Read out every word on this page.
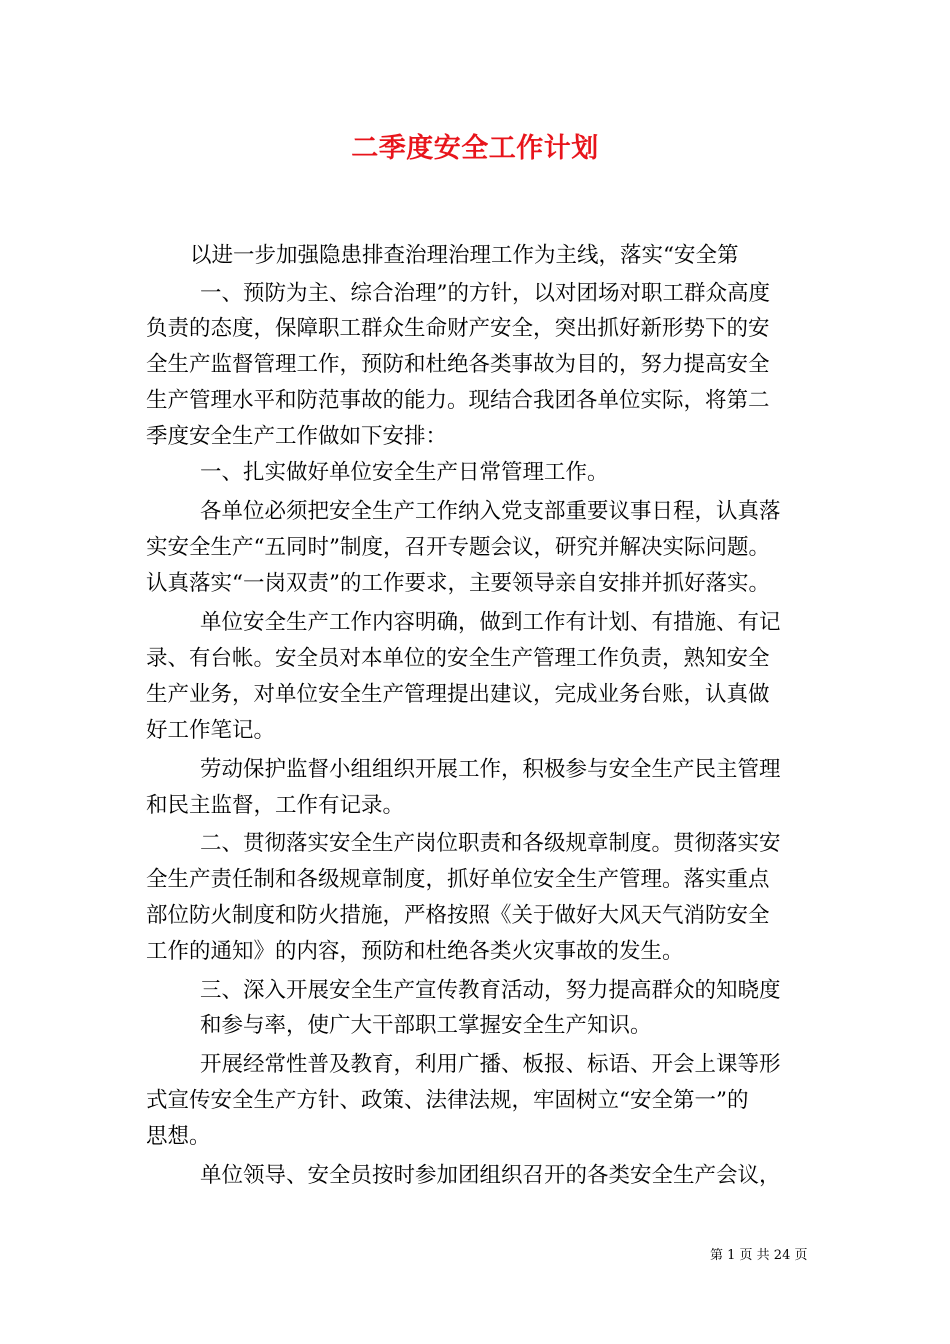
二季度安全工作计划

以进一步加强隐患排查治理治理工作为主线，落实“安全第

一、预防为主、综合治理”的方针，以对团场对职工群众高度

负责的态度，保障职工群众生命财产安全，突出抓好新形势下的安

全生产监督管理工作，预防和杜绝各类事故为目的，努力提高安全

生产管理水平和防范事故的能力。现结合我团各单位实际，将第二

季度安全生产工作做如下安排：

一、扎实做好单位安全生产日常管理工作。

各单位必须把安全生产工作纳入党支部重要议事日程，认真落

实安全生产“五同时”制度，召开专题会议，研究并解决实际问题。

认真落实“一岗双责”的工作要求，主要领导亲自安排并抓好落实。

单位安全生产工作内容明确，做到工作有计划、有措施、有记

录、有台帐。安全员对本单位的安全生产管理工作负责，熟知安全

生产业务，对单位安全生产管理提出建议，完成业务台账，认真做

好工作笔记。

劳动保护监督小组组织开展工作，积极参与安全生产民主管理

和民主监督，工作有记录。

二、贯彻落实安全生产岗位职责和各级规章制度。贯彻落实安

全生产责任制和各级规章制度，抓好单位安全生产管理。落实重点

部位防火制度和防火措施，严格按照《关于做好大风天气消防安全

工作的通知》的内容，预防和杜绝各类火灾事故的发生。

三、深入开展安全生产宣传教育活动，努力提高群众的知晓度

和参与率，使广大干部职工掌握安全生产知识。

开展经常性普及教育，利用广播、板报、标语、开会上课等形

式宣传安全生产方针、政策、法律法规，牢固树立“安全第一”的

思想。

单位领导、安全员按时参加团组织召开的各类安全生产会议，

第 1 页 共 24 页
